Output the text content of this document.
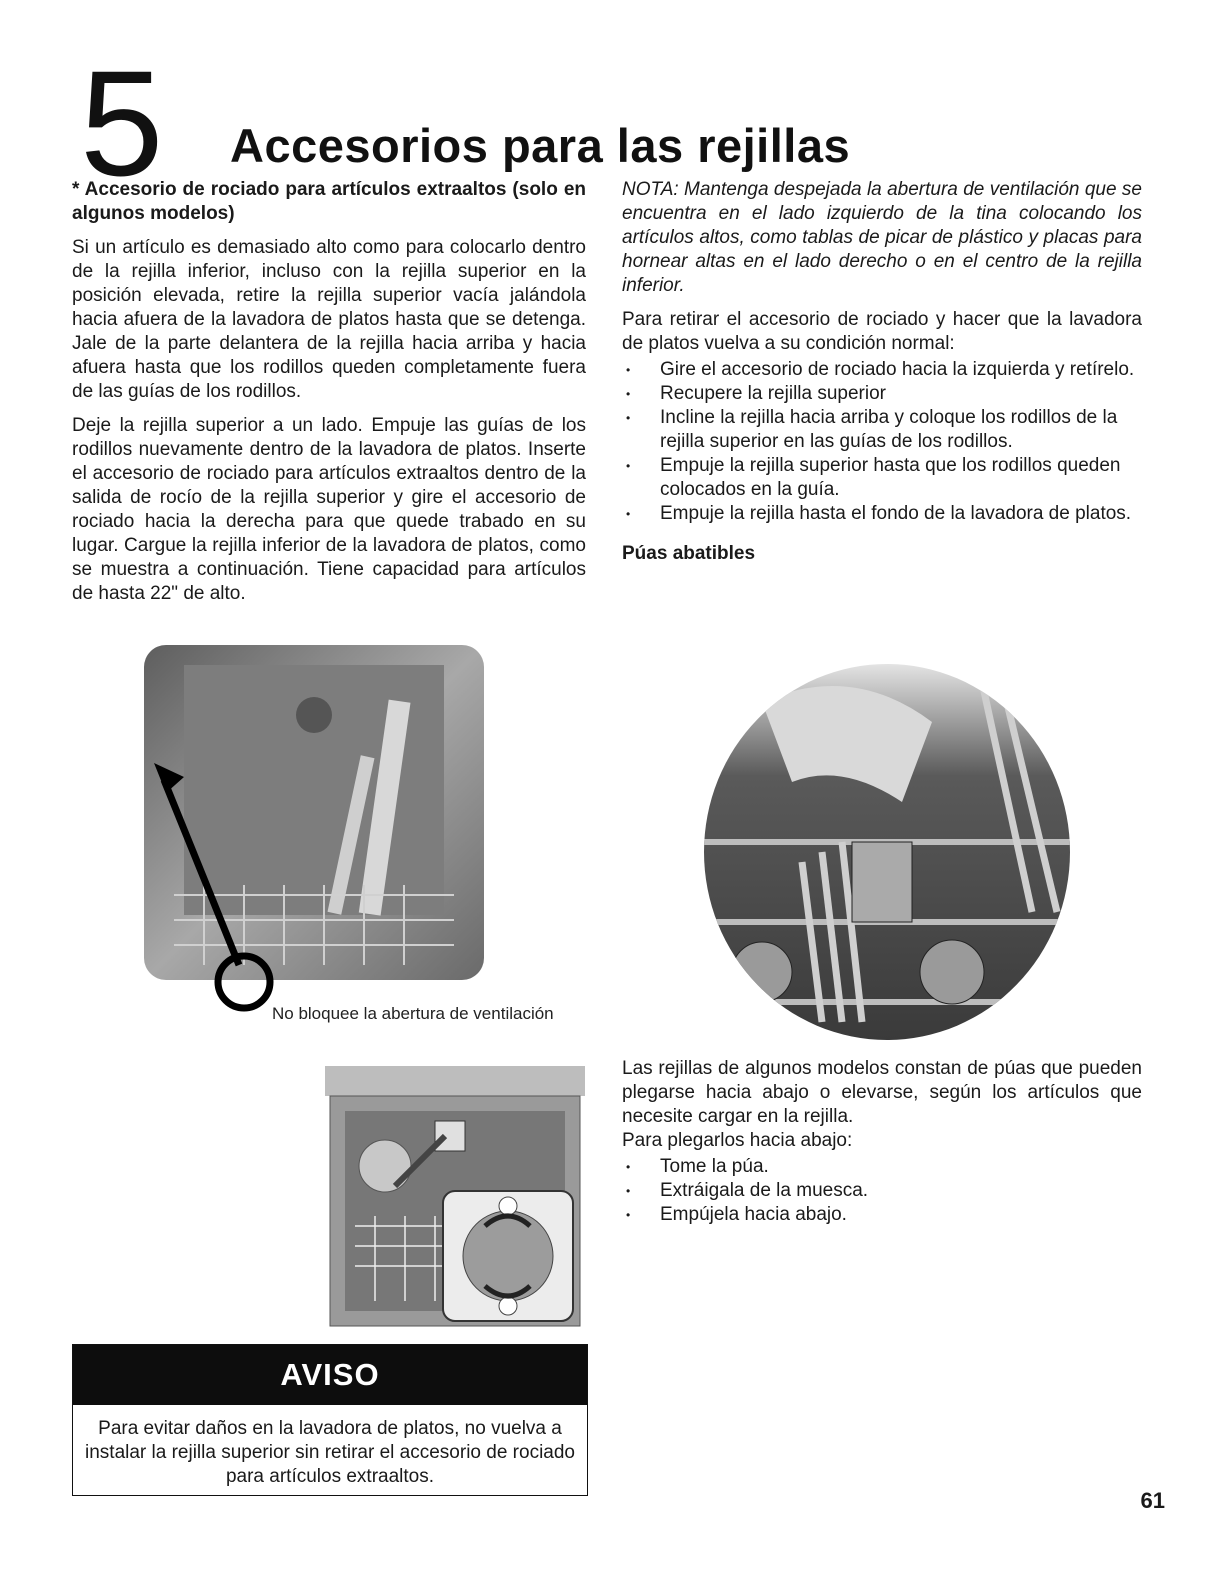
5 Accesorios para las rejillas

* Accesorio de rociado para artículos extraaltos (solo en algunos modelos)

Si un artículo es demasiado alto como para colocarlo dentro de la rejilla inferior, incluso con la rejilla superior en la posición elevada, retire la rejilla superior vacía jalándola hacia afuera de la lavadora de platos hasta que se detenga. Jale de la parte delantera de la rejilla hacia arriba y hacia afuera hasta que los rodillos queden completamente fuera de las guías de los rodillos.

Deje la rejilla superior a un lado. Empuje las guías de los rodillos nuevamente dentro de la lavadora de platos. Inserte el accesorio de rociado para artículos extraaltos dentro de la salida de rocío de la rejilla superior y gire el accesorio de rociado hacia la derecha para que quede trabado en su lugar. Cargue la rejilla inferior de la lavadora de platos, como se muestra a continuación. Tiene capacidad para artículos de hasta 22" de alto.

No bloquee la abertura de ventilación
AVISO
Para evitar daños en la lavadora de platos, no vuelva a instalar la rejilla superior sin retirar el accesorio de rociado para artículos extraaltos.

NOTA: Mantenga despejada la abertura de ventilación que se encuentra en el lado izquierdo de la tina colocando los artículos altos, como tablas de picar de plástico y placas para hornear altas en el lado derecho o en el centro de la rejilla inferior.

Para retirar el accesorio de rociado y hacer que la lavadora de platos vuelva a su condición normal:

• Gire el accesorio de rociado hacia la izquierda y retírelo.
• Recupere la rejilla superior
• Incline la rejilla hacia arriba y coloque los rodillos de la rejilla superior en las guías de los rodillos.
• Empuje la rejilla superior hasta que los rodillos queden colocados en la guía.
• Empuje la rejilla hasta el fondo de la lavadora de platos.

Púas abatibles

Las rejillas de algunos modelos constan de púas que pueden plegarse hacia abajo o elevarse, según los artículos que necesite cargar en la rejilla.

Para plegarlos hacia abajo:

• Tome la púa.
• Extráigala de la muesca.
• Empújela hacia abajo.
61
